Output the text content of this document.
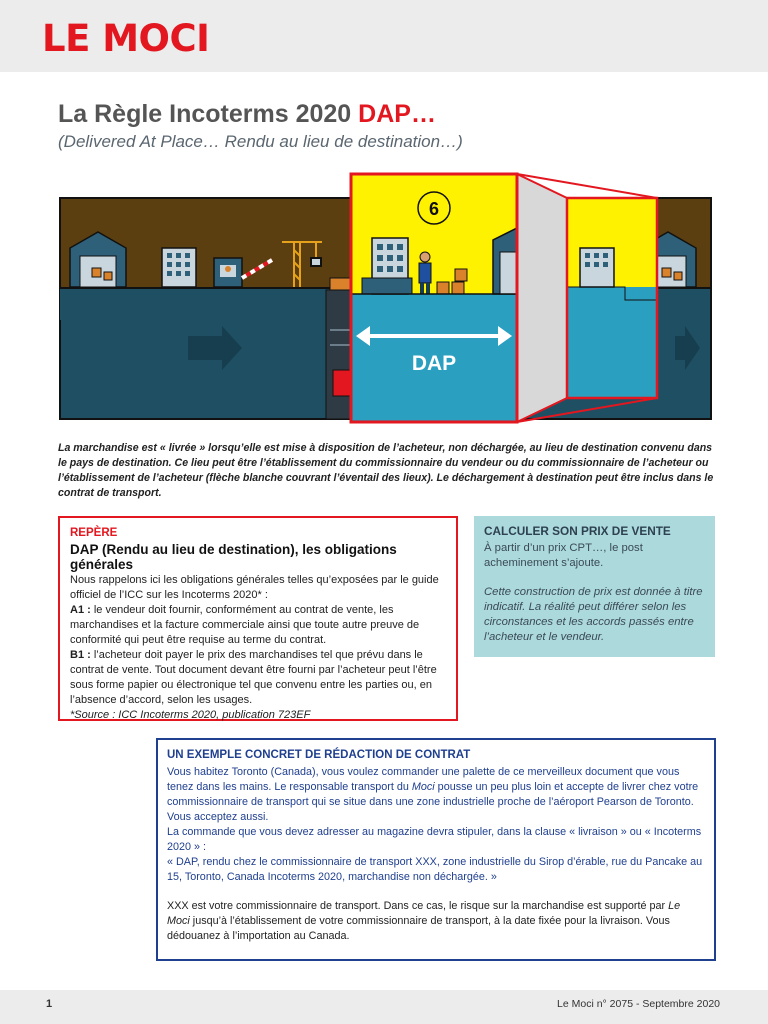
LE MOCI
La Règle Incoterms 2020 DAP…
(Delivered At Place… Rendu au lieu de destination…)
6
DAP

La marchandise est « livrée » lorsqu’elle est mise à disposition de l’acheteur, non déchargée, au lieu de destination convenu dans le pays de destination. Ce lieu peut être l’établissement du commissionnaire du vendeur ou du commissionnaire de l’acheteur ou l’établissement de l’acheteur (flèche blanche couvrant l’éventail des lieux). Le déchargement à destination peut être inclus dans le contrat de transport.

REPÈRE
DAP (Rendu au lieu de destination), les obligations générales

Nous rappelons ici les obligations générales telles qu’exposées par le guide officiel de l’ICC sur les Incoterms 2020* :

A1 : le vendeur doit fournir, conformément au contrat de vente, les marchandises et la facture commerciale ainsi que toute autre preuve de conformité qui peut être requise au terme du contrat.

B1 : l’acheteur doit payer le prix des marchandises tel que prévu dans le contrat de vente. Tout document devant être fourni par l’acheteur peut l’être sous forme papier ou électronique tel que convenu entre les parties ou, en l’absence d’accord, selon les usages.

*Source : ICC Incoterms 2020, publication 723EF

CALCULER SON PRIX DE VENTE

À partir d’un prix CPT…, le post acheminement s’ajoute.

Cette construction de prix est donnée à titre indicatif. La réalité peut différer selon les circonstances et les accords passés entre l’acheteur et le vendeur.

UN EXEMPLE CONCRET DE RÉDACTION DE CONTRAT

Vous habitez Toronto (Canada), vous voulez commander une palette de ce merveilleux document que vous tenez dans les mains. Le responsable transport du Moci pousse un peu plus loin et accepte de livrer chez votre commissionnaire de transport qui se situe dans une zone industrielle proche de l’aéroport Pearson de Toronto. Vous acceptez aussi.

La commande que vous devez adresser au magazine devra stipuler, dans la clause « livraison » ou « Incoterms 2020 » :

« DAP, rendu chez le commissionnaire de transport XXX, zone industrielle du Sirop d’érable, rue du Pancake au 15, Toronto, Canada Incoterms 2020, marchandise non déchargée. »

XXX est votre commissionnaire de transport. Dans ce cas, le risque sur la marchandise est supporté par Le Moci jusqu’à l’établissement de votre commissionnaire de transport, à la date fixée pour la livraison. Vous dédouanez à l’importation au Canada.

1	Le Moci n° 2075 - Septembre 2020
